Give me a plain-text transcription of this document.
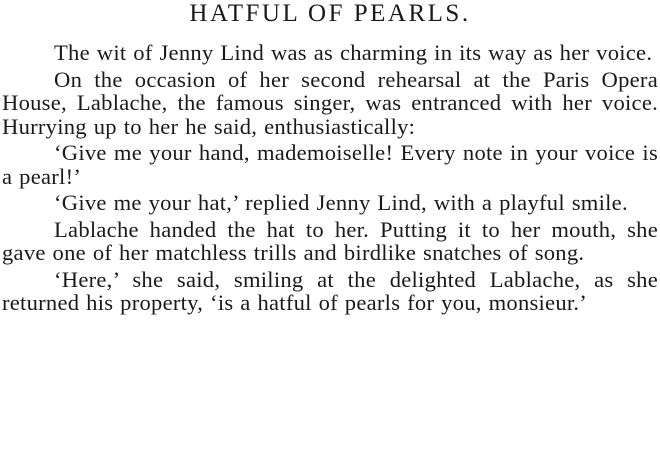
HATFUL OF PEARLS.

The wit of Jenny Lind was as charming in its way as her voice.

On the occasion of her second rehearsal at the Paris Opera House, Lablache, the famous singer, was entranced with her voice. Hurrying up to her he said, enthusiastically:

‘Give me your hand, mademoiselle! Every note in your voice is a pearl!’

‘Give me your hat,’ replied Jenny Lind, with a playful smile.

Lablache handed the hat to her. Putting it to her mouth, she gave one of her matchless trills and birdlike snatches of song.

‘Here,’ she said, smiling at the delighted Lablache, as she returned his property, ‘is a hatful of pearls for you, monsieur.’
